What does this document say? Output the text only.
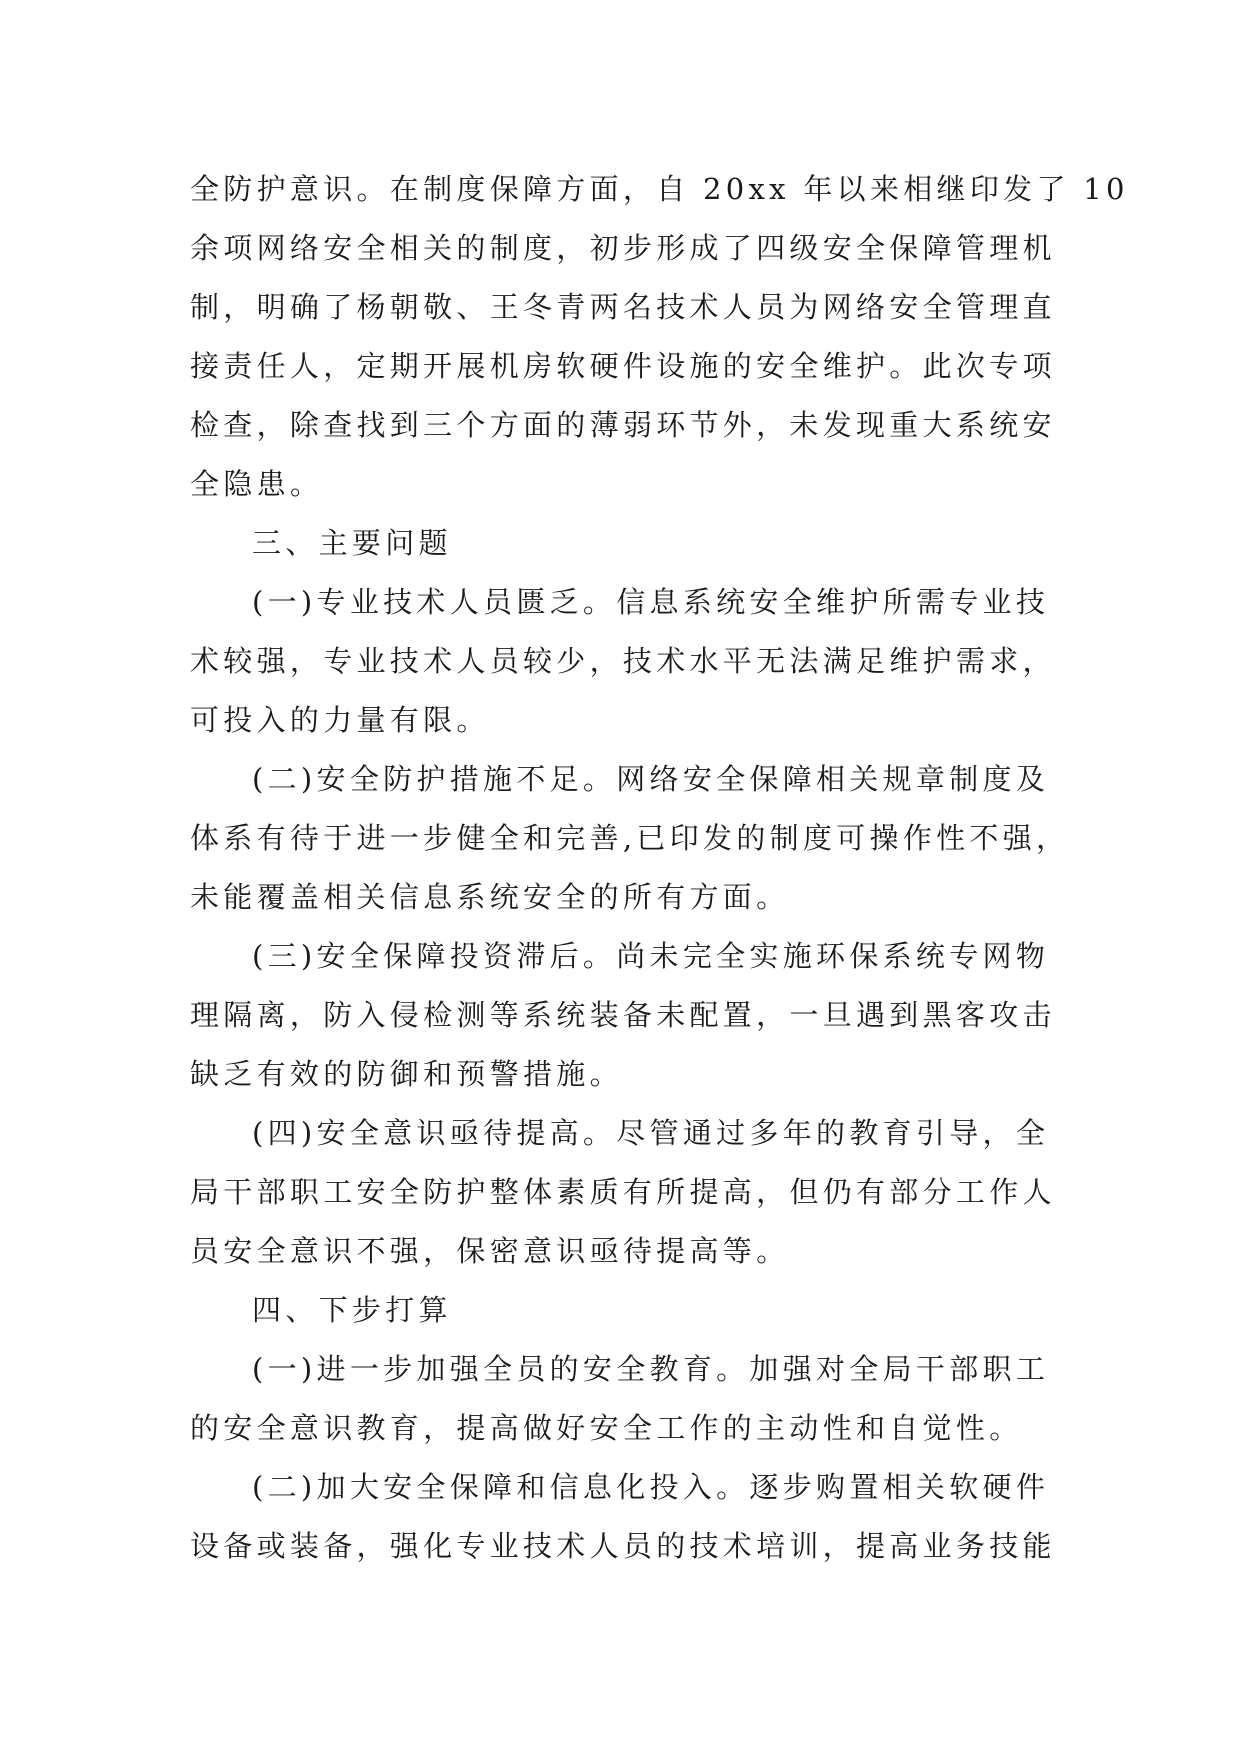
全防护意识。在制度保障方面，自 20xx 年以来相继印发了 10
余项网络安全相关的制度，初步形成了四级安全保障管理机
制，明确了杨朝敬、王冬青两名技术人员为网络安全管理直
接责任人，定期开展机房软硬件设施的安全维护。此次专项
检查，除查找到三个方面的薄弱环节外，未发现重大系统安
全隐患。
三、主要问题
(一)专业技术人员匮乏。信息系统安全维护所需专业技
术较强，专业技术人员较少，技术水平无法满足维护需求，
可投入的力量有限。
(二)安全防护措施不足。网络安全保障相关规章制度及
体系有待于进一步健全和完善,已印发的制度可操作性不强，
未能覆盖相关信息系统安全的所有方面。
(三)安全保障投资滞后。尚未完全实施环保系统专网物
理隔离，防入侵检测等系统装备未配置，一旦遇到黑客攻击
缺乏有效的防御和预警措施。
(四)安全意识亟待提高。尽管通过多年的教育引导，全
局干部职工安全防护整体素质有所提高，但仍有部分工作人
员安全意识不强，保密意识亟待提高等。
四、下步打算
(一)进一步加强全员的安全教育。加强对全局干部职工
的安全意识教育，提高做好安全工作的主动性和自觉性。
(二)加大安全保障和信息化投入。逐步购置相关软硬件
设备或装备，强化专业技术人员的技术培训，提高业务技能
